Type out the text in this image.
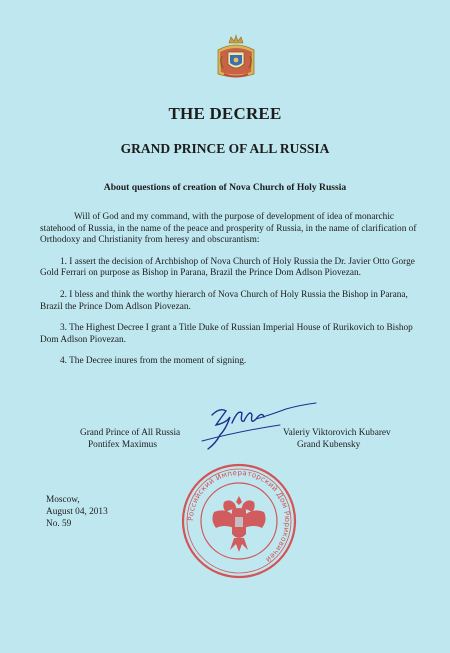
THE DECREE
GRAND PRINCE OF ALL RUSSIA
About questions of creation of Nova Church of Holy Russia

Will of God and my command, with the purpose of development of idea of monarchic statehood of Russia, in the name of the peace and prosperity of Russia, in the name of clarification of Orthodoxy and Christianity from heresy and obscurantism:

1. I assert the decision of Archbishop of Nova Church of Holy Russia the Dr. Javier Otto Gorge Gold Ferrari on purpose as Bishop in Parana, Brazil the Prince Dom Adlson Piovezan.

2. I bless and think the worthy hierarch of Nova Church of Holy Russia the Bishop in Parana, Brazil the Prince Dom Adlson Piovezan.

3. The Highest Decree I grant a Title Duke of Russian Imperial House of Rurikovich to Bishop Dom Adlson Piovezan.

4. The Decree inures from the moment of signing.

Grand Prince of All Russia
Pontifex Maximus
Valeriy Viktorovich Kubarev
Grand Kubensky
Российский Императорский Дом Рюриковичей
Moscow,
August 04, 2013
No. 59
